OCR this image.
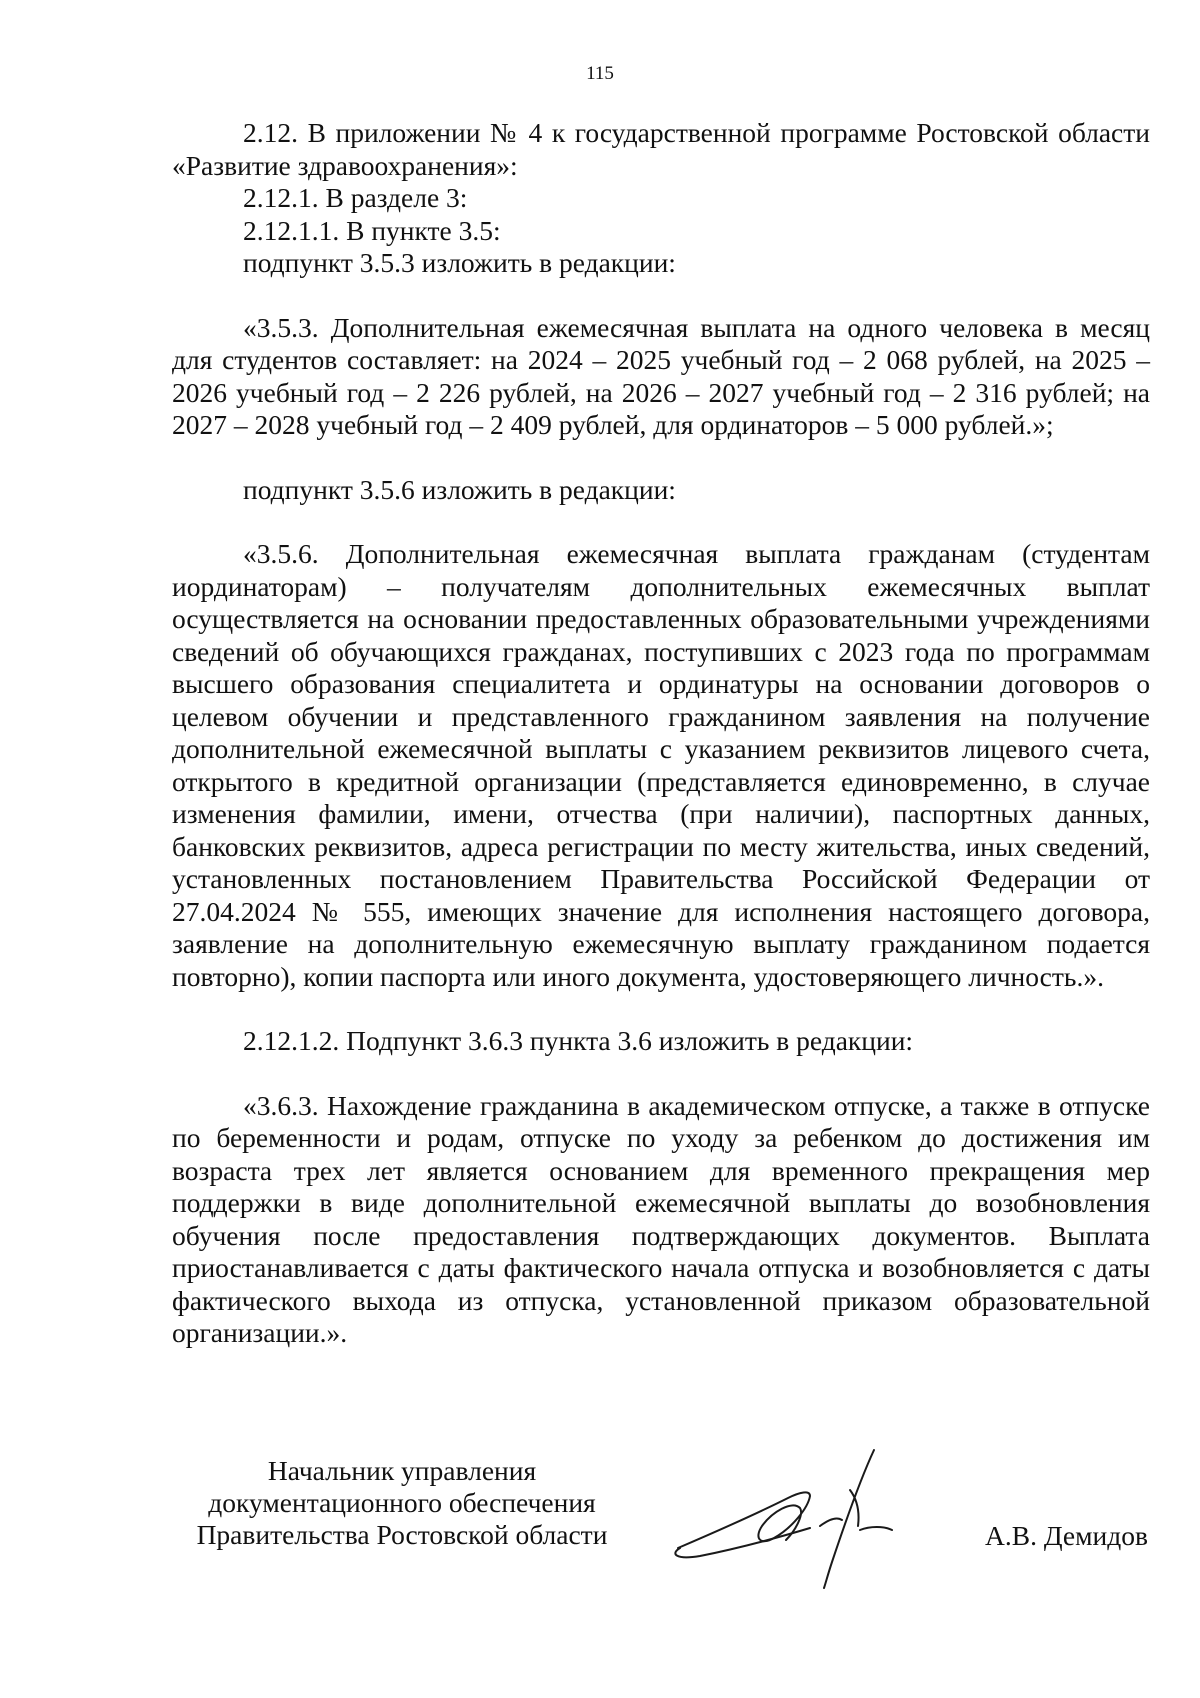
115

2.12. В приложении № 4 к государственной программе Ростовской области «Развитие здравоохранения»:

2.12.1. В разделе 3:

2.12.1.1. В пункте 3.5:

подпункт 3.5.3 изложить в редакции:

«3.5.3. Дополнительная ежемесячная выплата на одного человека в месяц для студентов составляет: на 2024 – 2025 учебный год – 2 068 рублей, на 2025 – 2026 учебный год – 2 226 рублей, на 2026 – 2027 учебный год – 2 316 рублей; на 2027 – 2028 учебный год – 2 409 рублей, для ординаторов – 5 000 рублей.»;

подпункт 3.5.6 изложить в редакции:

«3.5.6. Дополнительная ежемесячная выплата гражданам (студентам иординаторам) – получателям дополнительных ежемесячных выплат осуществляется на основании предоставленных образовательными учреждениями сведений об обучающихся гражданах, поступивших с 2023 года по программам высшего образования специалитета и ординатуры на основании договоров о целевом обучении и представленного гражданином заявления на получение дополнительной ежемесячной выплаты с указанием реквизитов лицевого счета, открытого в кредитной организации (представляется единовременно, в случае изменения фамилии, имени, отчества (при наличии), паспортных данных, банковских реквизитов, адреса регистрации по месту жительства, иных сведений, установленных постановлением Правительства Российской Федерации от 27.04.2024 № 555, имеющих значение для исполнения настоящего договора, заявление на дополнительную ежемесячную выплату гражданином подается повторно), копии паспорта или иного документа, удостоверяющего личность.».

2.12.1.2. Подпункт 3.6.3 пункта 3.6 изложить в редакции:

«3.6.3. Нахождение гражданина в академическом отпуске, а также в отпуске по беременности и родам, отпуске по уходу за ребенком до достижения им возраста трех лет является основанием для временного прекращения мер поддержки в виде дополнительной ежемесячной выплаты до возобновления обучения после предоставления подтверждающих документов. Выплата приостанавливается с даты фактического начала отпуска и возобновляется с даты фактического выхода из отпуска, установленной приказом образовательной организации.».

Начальник управления
документационного обеспечения
Правительства Ростовской области	А.В. Демидов
